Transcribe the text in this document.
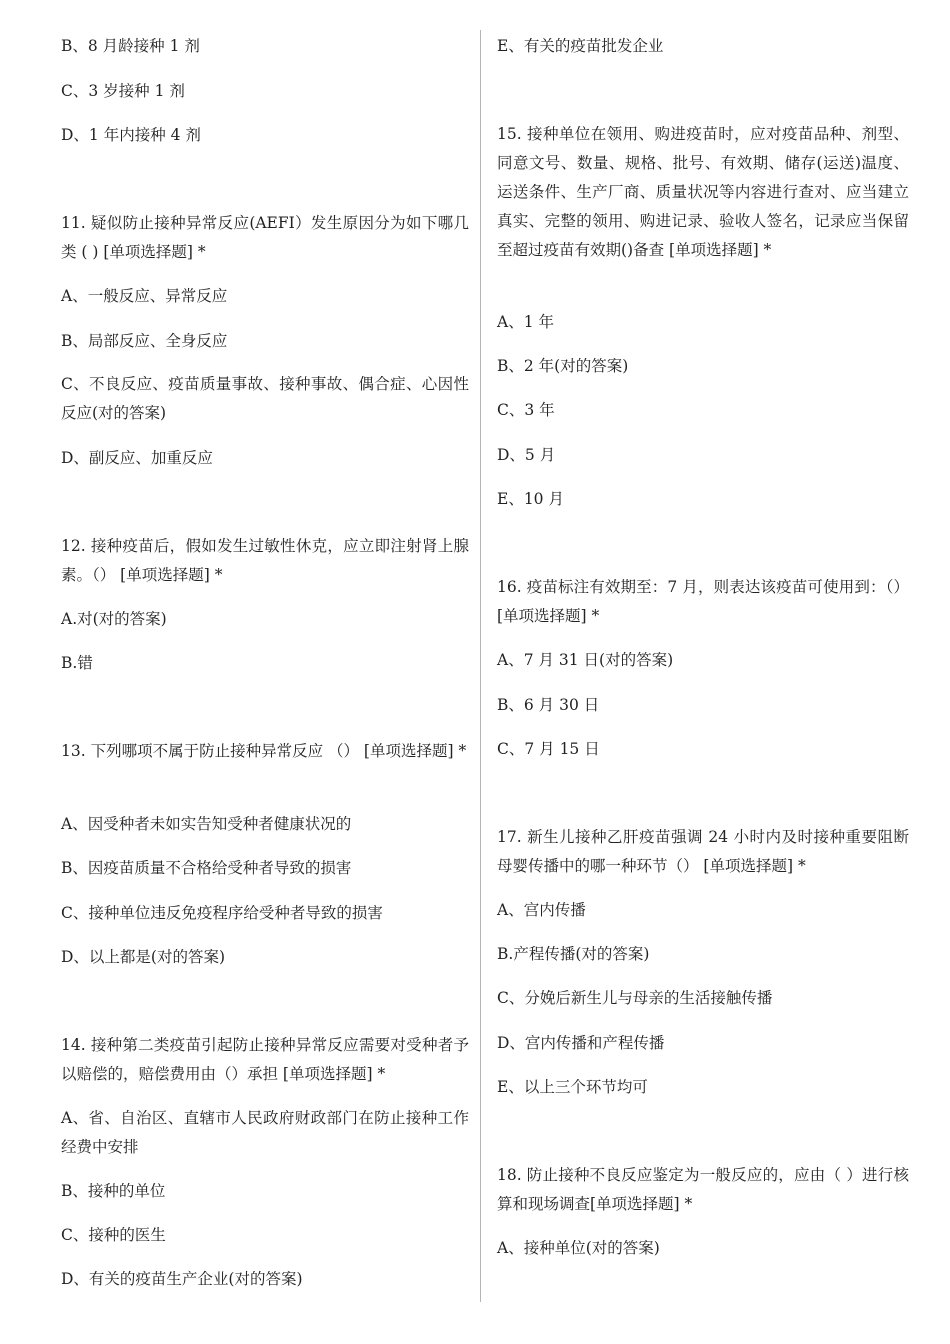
B、8 月龄接种 1 剂
C、3 岁接种 1 剂
D、1 年内接种 4 剂
11. 疑似防止接种异常反应(AEFI）发生原因分为如下哪几类 ( ) [单项选择题] *
A、一般反应、异常反应
B、局部反应、全身反应
C、不良反应、疫苗质量事故、接种事故、偶合症、心因性反应(对的答案)
D、副反应、加重反应
12. 接种疫苗后，假如发生过敏性休克，应立即注射肾上腺素。（） [单项选择题] *
A.对(对的答案)
B.错
13. 下列哪项不属于防止接种异常反应 （） [单项选择题] *
A、因受种者未如实告知受种者健康状况的
B、因疫苗质量不合格给受种者导致的损害
C、接种单位违反免疫程序给受种者导致的损害
D、以上都是(对的答案)
14. 接种第二类疫苗引起防止接种异常反应需要对受种者予以赔偿的，赔偿费用由（）承担 [单项选择题] *
A、省、自治区、直辖市人民政府财政部门在防止接种工作经费中安排
B、接种的单位
C、接种的医生
D、有关的疫苗生产企业(对的答案)
E、有关的疫苗批发企业
15. 接种单位在领用、购进疫苗时，应对疫苗品种、剂型、同意文号、数量、规格、批号、有效期、储存(运送)温度、运送条件、生产厂商、质量状况等内容进行查对、应当建立真实、完整的领用、购进记录、验收人签名，记录应当保留至超过疫苗有效期()备查 [单项选择题] *
A、1 年
B、2 年(对的答案)
C、3 年
D、5 月
E、10 月
16. 疫苗标注有效期至：7 月，则表达该疫苗可使用到：（） [单项选择题] *
A、7 月 31 日(对的答案)
B、6 月 30 日
C、7 月 15 日
17. 新生儿接种乙肝疫苗强调 24 小时内及时接种重要阻断母婴传播中的哪一种环节（） [单项选择题] *
A、宫内传播
B.产程传播(对的答案)
C、分娩后新生儿与母亲的生活接触传播
D、宫内传播和产程传播
E、以上三个环节均可
18. 防止接种不良反应鉴定为一般反应的，应由（ ）进行核算和现场调查[单项选择题] *
A、接种单位(对的答案)
